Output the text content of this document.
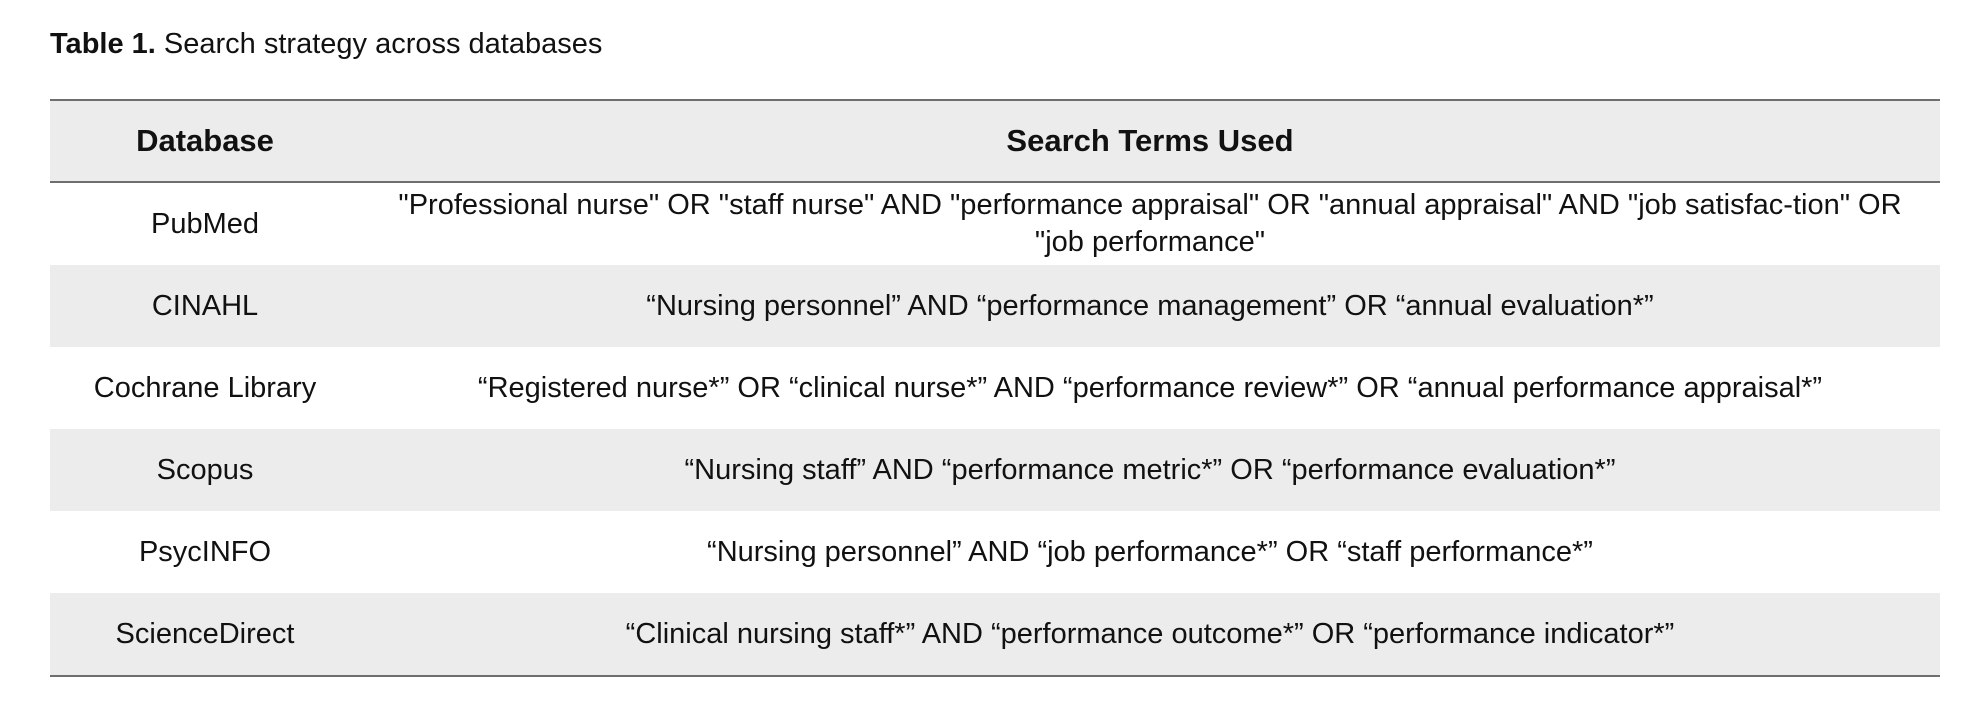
Table 1. Search strategy across databases
Database	Search Terms Used
PubMed	"Professional nurse" OR "staff nurse" AND "performance appraisal" OR "annual appraisal" AND "job satisfac-tion" OR "job performance"
CINAHL	“Nursing personnel” AND “performance management” OR “annual evaluation*”
Cochrane Library	“Registered nurse*” OR “clinical nurse*” AND “performance review*” OR “annual performance appraisal*”
Scopus	“Nursing staff” AND “performance metric*” OR “performance evaluation*”
PsycINFO	“Nursing personnel” AND “job performance*” OR “staff performance*”
ScienceDirect	“Clinical nursing staff*” AND “performance outcome*” OR “performance indicator*”
